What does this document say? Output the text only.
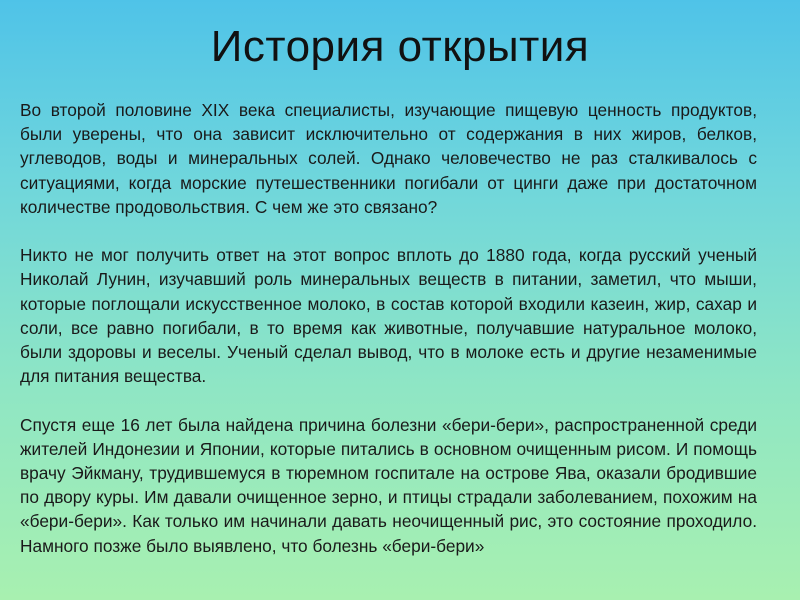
История открытия

Во второй половине XIX века специалисты, изучающие пищевую ценность продуктов, были уверены, что она зависит исключительно от содержания в них жиров, белков, углеводов, воды и минеральных солей. Однако человечество не раз сталкивалось с ситуациями, когда морские путешественники погибали от цинги даже при достаточном количестве продовольствия. С чем же это связано?

Никто не мог получить ответ на этот вопрос вплоть до 1880 года, когда русский ученый Николай Лунин, изучавший роль минеральных веществ в питании, заметил, что мыши, которые поглощали искусственное молоко, в состав которой входили казеин, жир, сахар и соли, все равно погибали, в то время как животные, получавшие натуральное молоко, были здоровы и веселы. Ученый сделал вывод, что в молоке есть и другие незаменимые для питания вещества.

Спустя еще 16 лет была найдена причина болезни «бери-бери», распространенной среди жителей Индонезии и Японии, которые питались в основном очищенным рисом. И помощь врачу Эйкману, трудившемуся в тюремном госпитале на острове Ява, оказали бродившие по двору куры. Им давали очищенное зерно, и птицы страдали заболеванием, похожим на «бери-бери». Как только им начинали давать неочищенный рис, это состояние проходило. Намного позже было выявлено, что болезнь «бери-бери»
